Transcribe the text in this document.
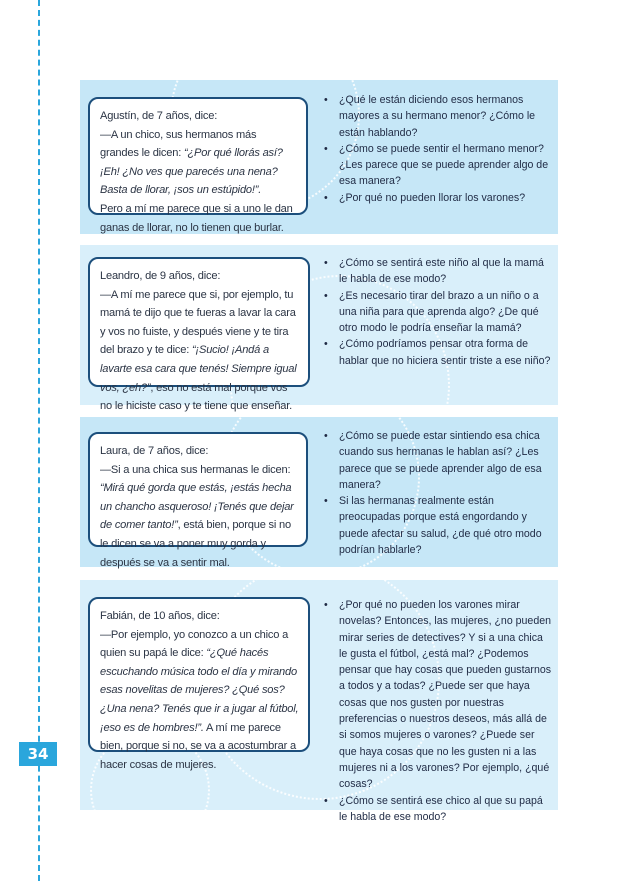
34

Agustín, de 7 años, dice:
—A un chico, sus hermanos más grandes le dicen: “¿Por qué llorás así? ¡Eh! ¿No ves que parecés una nena? Basta de llorar, ¡sos un estúpido!”.
Pero a mí me parece que si a uno le dan ganas de llorar, no lo tienen que burlar.

• ¿Qué le están diciendo esos hermanos mayores a su hermano menor? ¿Cómo le están hablando?
• ¿Cómo se puede sentir el hermano menor? ¿Les parece que se puede aprender algo de esa manera?
• ¿Por qué no pueden llorar los varones?

Leandro, de 9 años, dice:
—A mí me parece que si, por ejemplo, tu mamá te dijo que te fueras a lavar la cara y vos no fuiste, y después viene y te tira del brazo y te dice: “¡Sucio! ¡Andá a lavarte esa cara que tenés! Siempre igual vos, ¿eh?”, eso no está mal porque vos no le hiciste caso y te tiene que enseñar.

• ¿Cómo se sentirá este niño al que la mamá le habla de ese modo?
• ¿Es necesario tirar del brazo a un niño o a una niña para que aprenda algo? ¿De qué otro modo le podría enseñar la mamá?
• ¿Cómo podríamos pensar otra forma de hablar que no hiciera sentir triste a ese niño?

Laura, de 7 años, dice:
—Si a una chica sus hermanas le dicen: “Mirá qué gorda que estás, ¡estás hecha un chancho asqueroso! ¡Tenés que dejar de comer tanto!”, está bien, porque si no le dicen se va a poner muy gorda y después se va a sentir mal.

• ¿Cómo se puede estar sintiendo esa chica cuando sus hermanas le hablan así? ¿Les parece que se puede aprender algo de esa manera?
• Si las hermanas realmente están preocupadas porque está engordando y puede afectar su salud, ¿de qué otro modo podrían hablarle?

Fabián, de 10 años, dice:
—Por ejemplo, yo conozco a un chico a quien su papá le dice: “¿Qué hacés escuchando música todo el día y mirando esas novelitas de mujeres? ¿Qué sos? ¿Una nena? Tenés que ir a jugar al fútbol, ¡eso es de hombres!”. A mí me parece bien, porque si no, se va a acostumbrar a hacer cosas de mujeres.

• ¿Por qué no pueden los varones mirar novelas? Entonces, las mujeres, ¿no pueden mirar series de detectives? Y si a una chica le gusta el fútbol, ¿está mal? ¿Podemos pensar que hay cosas que pueden gustarnos a todos y a todas? ¿Puede ser que haya cosas que nos gusten por nuestras preferencias o nuestros deseos, más allá de si somos mujeres o varones? ¿Puede ser que haya cosas que no les gusten ni a las mujeres ni a los varones? Por ejemplo, ¿qué cosas?
• ¿Cómo se sentirá ese chico al que su papá le habla de ese modo?
